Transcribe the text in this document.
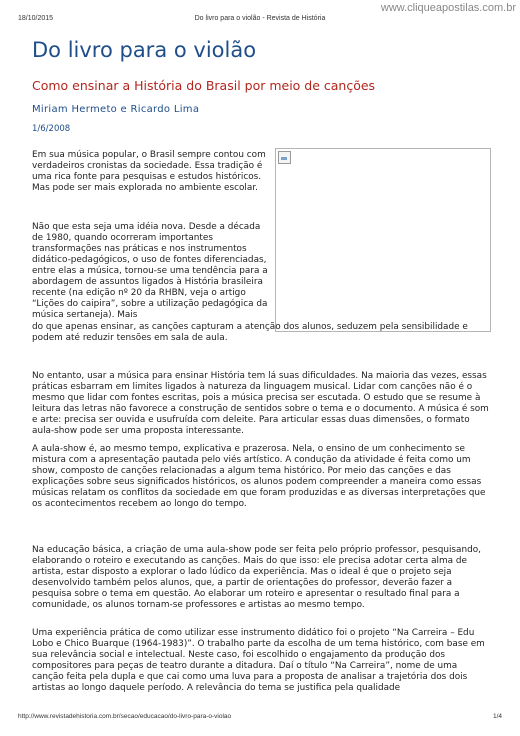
www.cliqueapostilas.com.br
18/10/2015	Do livro para o violão - Revista de História
Do livro para o violão
Como ensinar a História do Brasil por meio de canções
Miriam Hermeto e Ricardo Lima
1/6/2008

Em sua música popular, o Brasil sempre contou com verdadeiros cronistas da sociedade. Essa tradição é uma rica fonte para pesquisas e estudos históricos. Mas pode ser mais explorada no ambiente escolar.

Não que esta seja uma idéia nova. Desde a década de 1980, quando ocorreram importantes transformações nas práticas e nos instrumentos didático-pedagógicos, o uso de fontes diferenciadas, entre elas a música, tornou-se uma tendência para a abordagem de assuntos ligados à História brasileira recente (na edição nº 20 da RHBN, veja o artigo “Lições do caipira”, sobre a utilização pedagógica da música sertaneja). Mais

do que apenas ensinar, as canções capturam a atenção dos alunos, seduzem pela sensibilidade e podem até reduzir tensões em sala de aula.

No entanto, usar a música para ensinar História tem lá suas dificuldades. Na maioria das vezes, essas práticas esbarram em limites ligados à natureza da linguagem musical. Lidar com canções não é o mesmo que lidar com fontes escritas, pois a música precisa ser escutada. O estudo que se resume à leitura das letras não favorece a construção de sentidos sobre o tema e o documento. A música é som e arte: precisa ser ouvida e usufruída com deleite. Para articular essas duas dimensões, o formato aula-show pode ser uma proposta interessante.

A aula-show é, ao mesmo tempo, explicativa e prazerosa. Nela, o ensino de um conhecimento se mistura com a apresentação pautada pelo viés artístico. A condução da atividade é feita como um show, composto de canções relacionadas a algum tema histórico. Por meio das canções e das explicações sobre seus significados históricos, os alunos podem compreender a maneira como essas músicas relatam os conflitos da sociedade em que foram produzidas e as diversas interpretações que os acontecimentos recebem ao longo do tempo.

Na educação básica, a criação de uma aula-show pode ser feita pelo próprio professor, pesquisando, elaborando o roteiro e executando as canções. Mais do que isso: ele precisa adotar certa alma de artista, estar disposto a explorar o lado lúdico da experiência. Mas o ideal é que o projeto seja desenvolvido também pelos alunos, que, a partir de orientações do professor, deverão fazer a pesquisa sobre o tema em questão. Ao elaborar um roteiro e apresentar o resultado final para a comunidade, os alunos tornam-se professores e artistas ao mesmo tempo.

Uma experiência prática de como utilizar esse instrumento didático foi o projeto “Na Carreira – Edu Lobo e Chico Buarque (1964-1983)”. O trabalho parte da escolha de um tema histórico, com base em sua relevância social e intelectual. Neste caso, foi escolhido o engajamento da produção dos compositores para peças de teatro durante a ditadura. Daí o título “Na Carreira”, nome de uma canção feita pela dupla e que cai como uma luva para a proposta de analisar a trajetória dos dois artistas ao longo daquele período. A relevância do tema se justifica pela qualidade

http://www.revistadehistoria.com.br/secao/educacao/do-livro-para-o-violao	1/4
